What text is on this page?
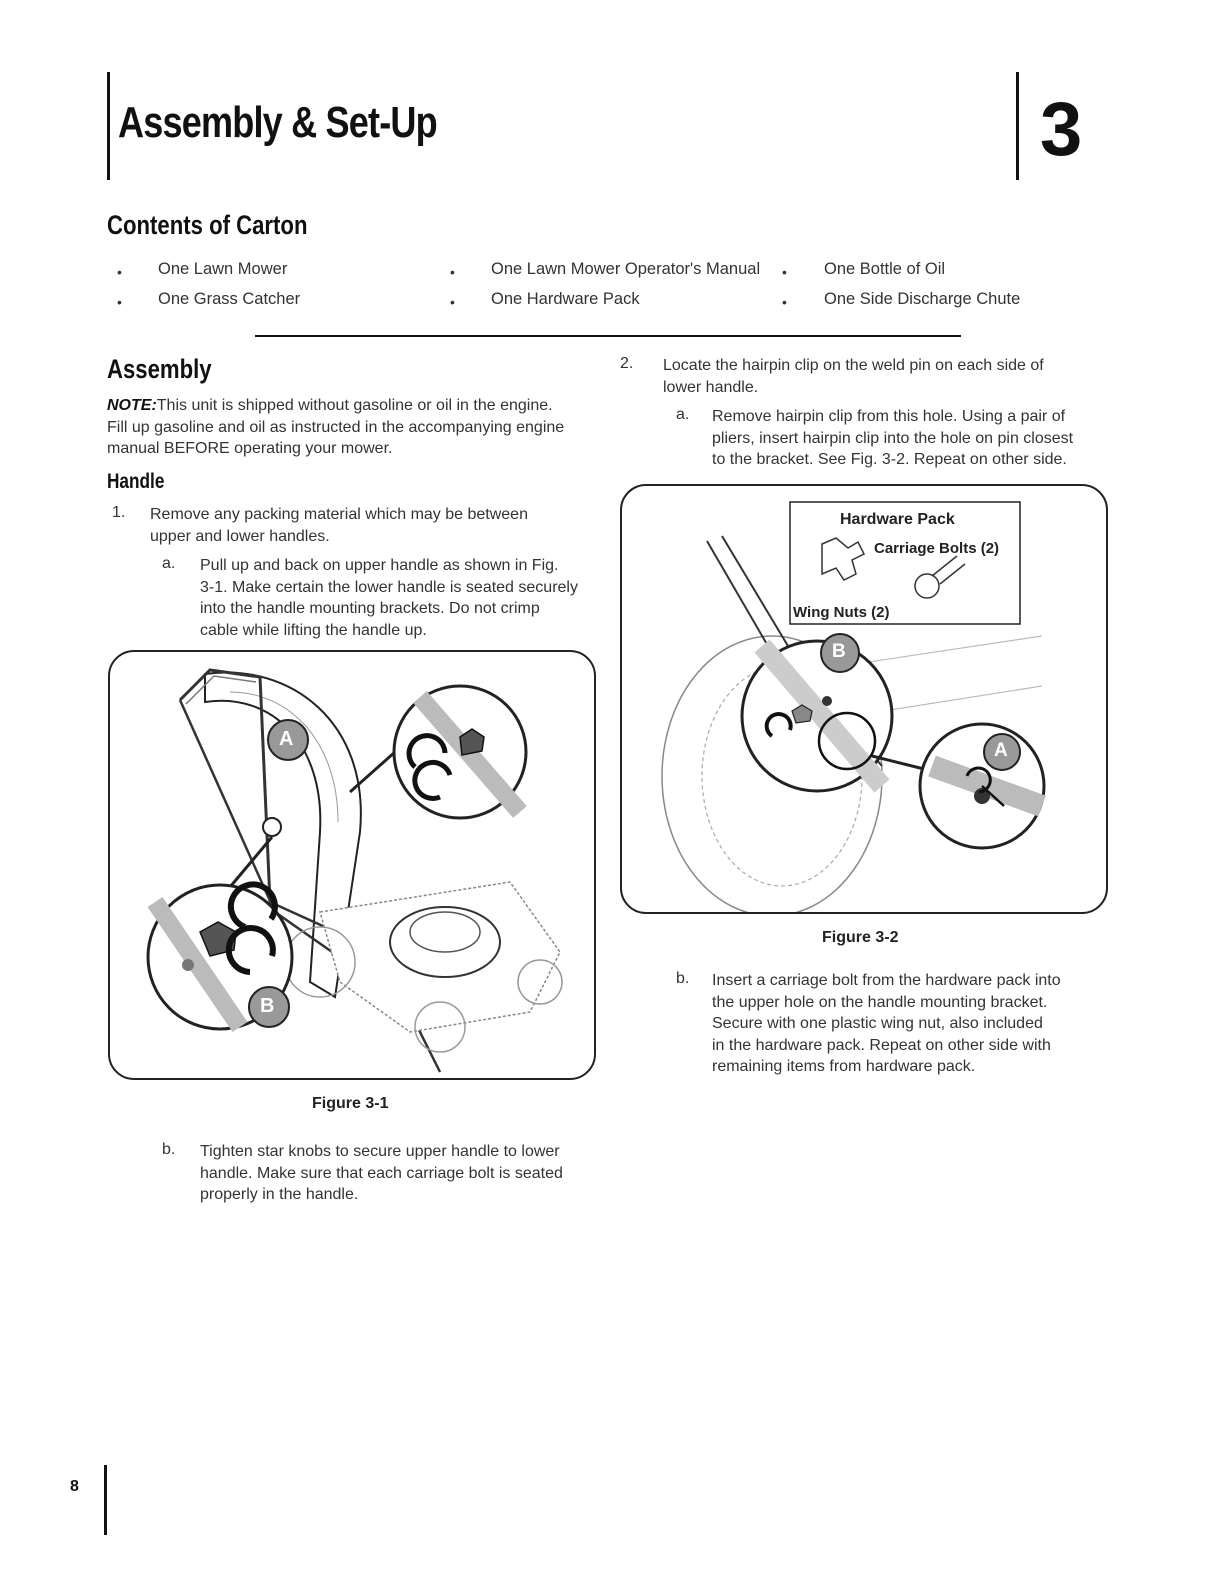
Assembly & Set-Up	3
Contents of Carton
• One Lawn Mower	• One Lawn Mower Operator's Manual • One Bottle of Oil
• One Grass Catcher	• One Hardware Pack	• One Side Discharge Chute
Assembly
NOTE:This unit is shipped without gasoline or oil in the engine.
Fill up gasoline and oil as instructed in the accompanying engine
manual BEFORE operating your mower.
Handle
1. Remove any packing material which may be between
upper and lower handles.
a. Pull up and back on upper handle as shown in Fig.
3-1. Make certain the lower handle is seated securely
into the handle mounting brackets. Do not crimp
cable while lifting the handle up.
A
B
Figure 3-1
b. Tighten star knobs to secure upper handle to lower
handle. Make sure that each carriage bolt is seated
properly in the handle.
2. Locate the hairpin clip on the weld pin on each side of
lower handle.
a. Remove hairpin clip from this hole. Using a pair of
pliers, insert hairpin clip into the hole on pin closest
to the bracket. See Fig. 3-2. Repeat on other side.
Hardware Pack
Carriage Bolts (2)
Wing Nuts (2)
B
A
Figure 3-2
b. Insert a carriage bolt from the hardware pack into
the upper hole on the handle mounting bracket.
Secure with one plastic wing nut, also included
in the hardware pack. Repeat on other side with
remaining items from hardware pack.
8
